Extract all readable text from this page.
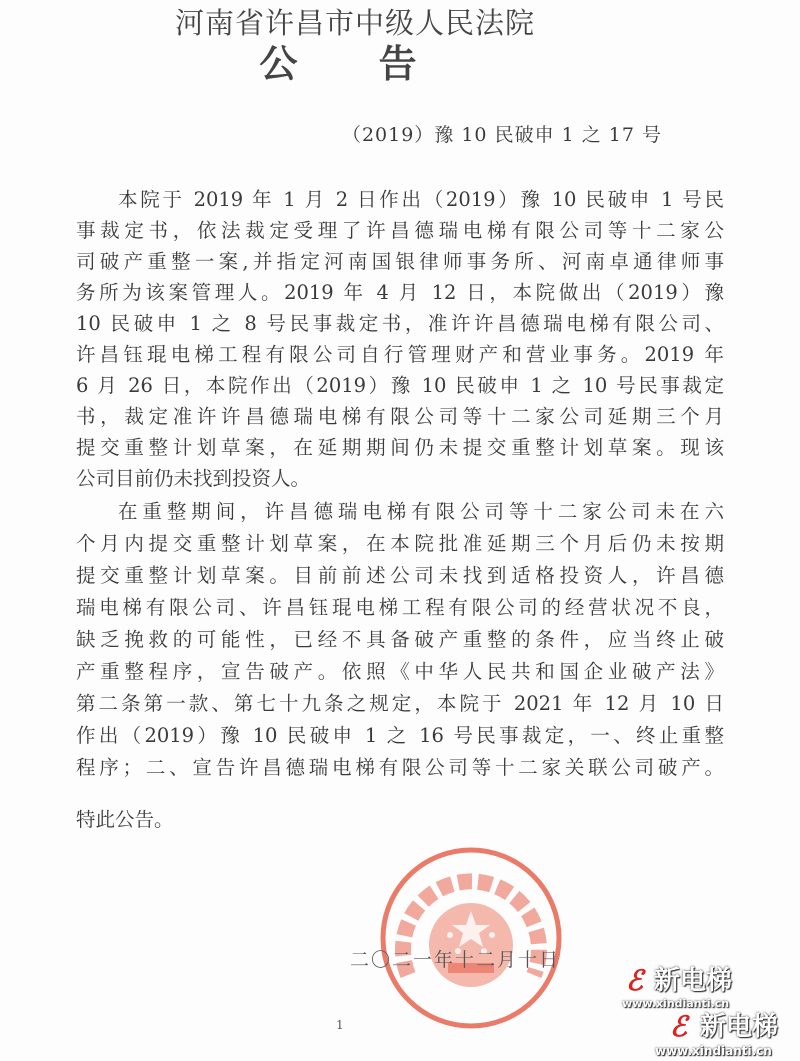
河南省许昌市中级人民法院
公 告
（2019）豫 10 民破申 1 之 17 号
本院于 2019 年 1 月 2 日作出（2019）豫 10 民破申 1 号民
事裁定书，依法裁定受理了许昌德瑞电梯有限公司等十二家公
司破产重整一案,并指定河南国银律师事务所、河南卓通律师事
务所为该案管理人。2019 年 4 月 12 日，本院做出（2019）豫
10 民破申 1 之 8 号民事裁定书，准许许昌德瑞电梯有限公司、
许昌钰琨电梯工程有限公司自行管理财产和营业事务。2019 年
6 月 26 日，本院作出（2019）豫 10 民破申 1 之 10 号民事裁定
书，裁定准许许昌德瑞电梯有限公司等十二家公司延期三个月
提交重整计划草案，在延期期间仍未提交重整计划草案。现该
公司目前仍未找到投资人。
在重整期间，许昌德瑞电梯有限公司等十二家公司未在六
个月内提交重整计划草案，在本院批准延期三个月后仍未按期
提交重整计划草案。目前前述公司未找到适格投资人，许昌德
瑞电梯有限公司、许昌钰琨电梯工程有限公司的经营状况不良，
缺乏挽救的可能性，已经不具备破产重整的条件，应当终止破
产重整程序，宣告破产。依照《中华人民共和国企业破产法》
第二条第一款、第七十九条之规定，本院于 2021 年 12 月 10 日
作出（2019）豫 10 民破申 1 之 16 号民事裁定，一、终止重整
程序；二、宣告许昌德瑞电梯有限公司等十二家关联公司破产。
特此公告。
二〇二一年十二月十日
1
ℰ 新电梯
www.xindianti.cn
ℰ 新电梯
www.xindianti.cn
